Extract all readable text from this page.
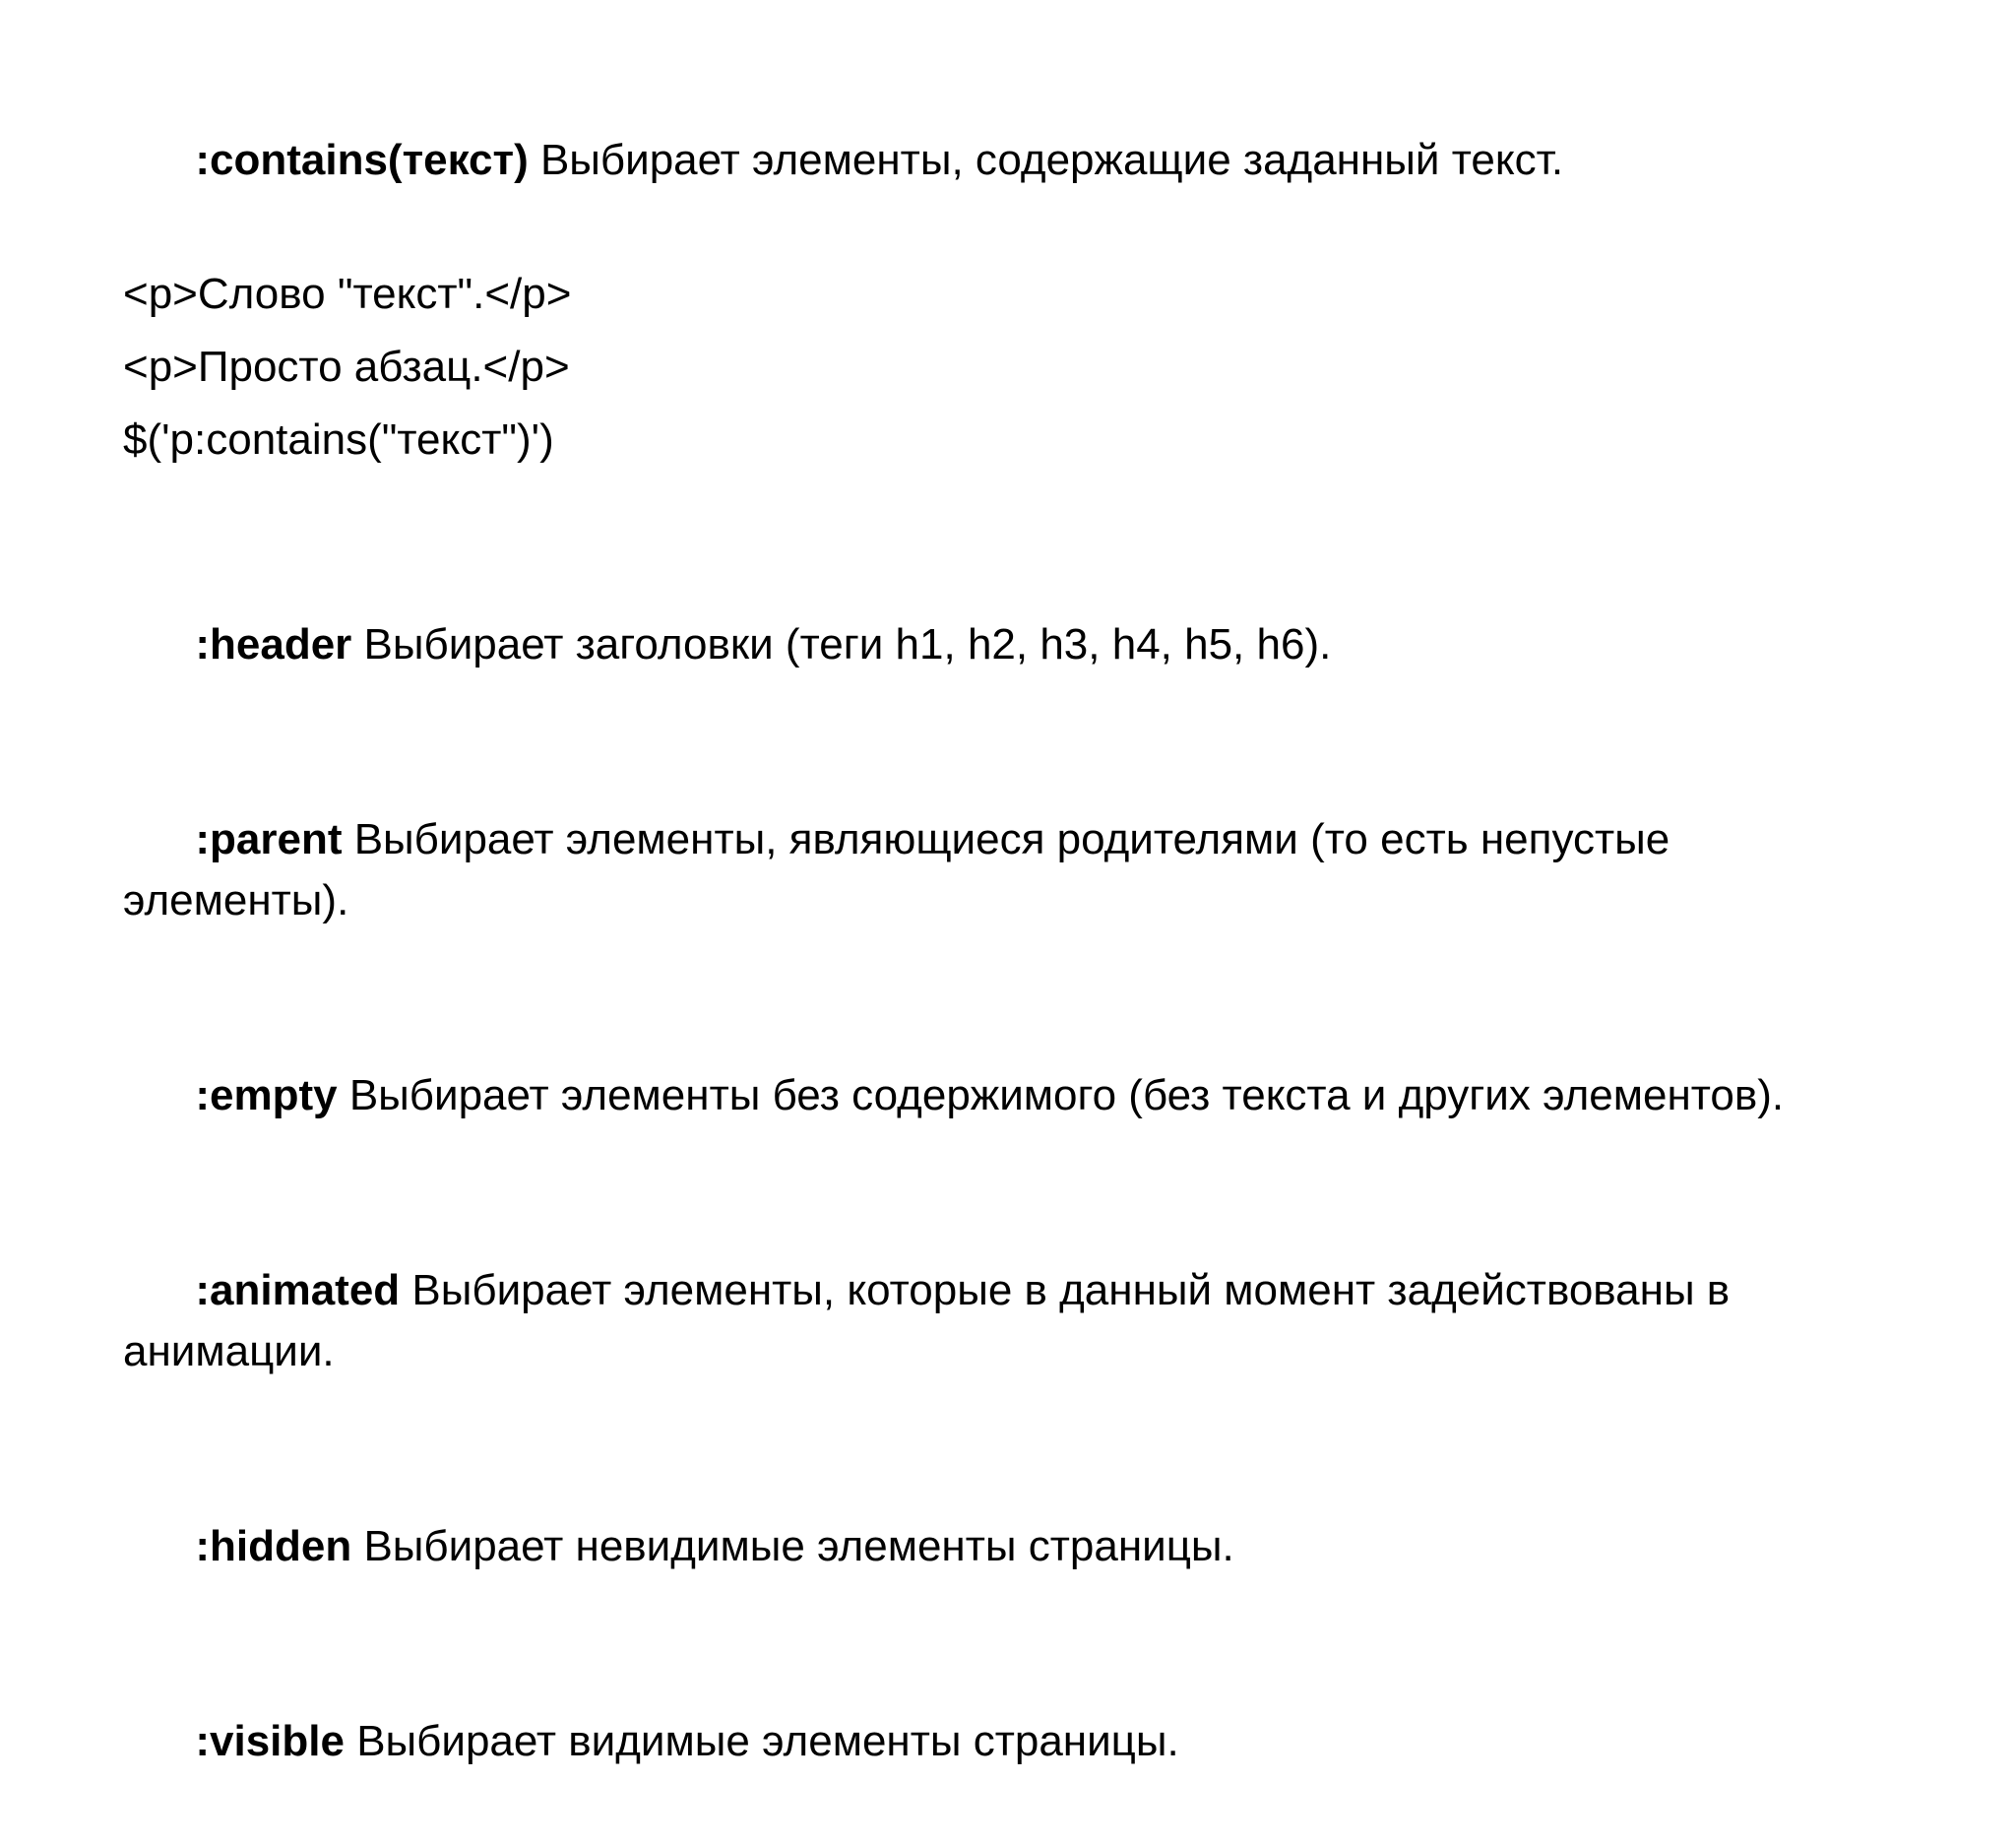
:contains(текст) Выбирает элементы, содержащие заданный текст.

<p>Слово "текст".</p>
<p>Просто абзац.</p>
$('p:contains("текст")')

:header Выбирает заголовки (теги h1, h2, h3, h4, h5, h6).

:parent Выбирает элементы, являющиеся родителями (то есть непустые элементы).

:empty Выбирает элементы без содержимого (без текста и других элементов).

:animated Выбирает элементы, которые в данный момент задействованы в анимации.

:hidden Выбирает невидимые элементы страницы.

:visible Выбирает видимые элементы страницы.
